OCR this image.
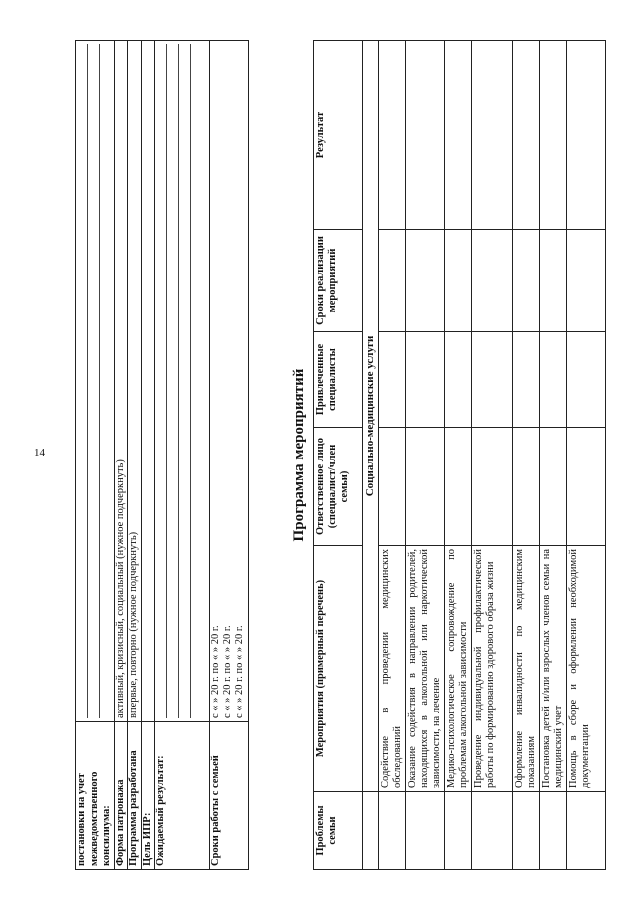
14
постановки на учет межведомственного консилиума:	

Форма патронажа	активный, кризисный, социальный (нужное подчеркнуть)
Программа разработана	впервые, повторно (нужное подчеркнуть)
Цель ИПР:	
Ожидаемый результат:	

Сроки работы с семьей	с « » 20 г. по « » 20 г. с « » 20 г. по « » 20 г. с « » 20 г. по « » 20 г.
Программа мероприятий
Проблемы семьи	Мероприятия (примерный перечень)	Ответственное лицо (специалист/член семьи)	Привлеченные специалисты	Сроки реализации мероприятий	Результат
	Социально-медицинские услуги				
	Содействие в проведении медицинских обследований				
	Оказание содействия в направлении родителей, находящихся в алкогольной или наркотической зависимости, на лечение				
	Медико-психологическое сопровождение по проблемам алкогольной зависимости				
	Проведение индивидуальной профилактической работы по формированию здорового образа жизни				
	Оформление инвалидности по медицинским показаниям				
	Постановка детей и/или взрослых членов семьи на медицинский учет				
	Помощь в сборе и оформлении необходимой документации				
